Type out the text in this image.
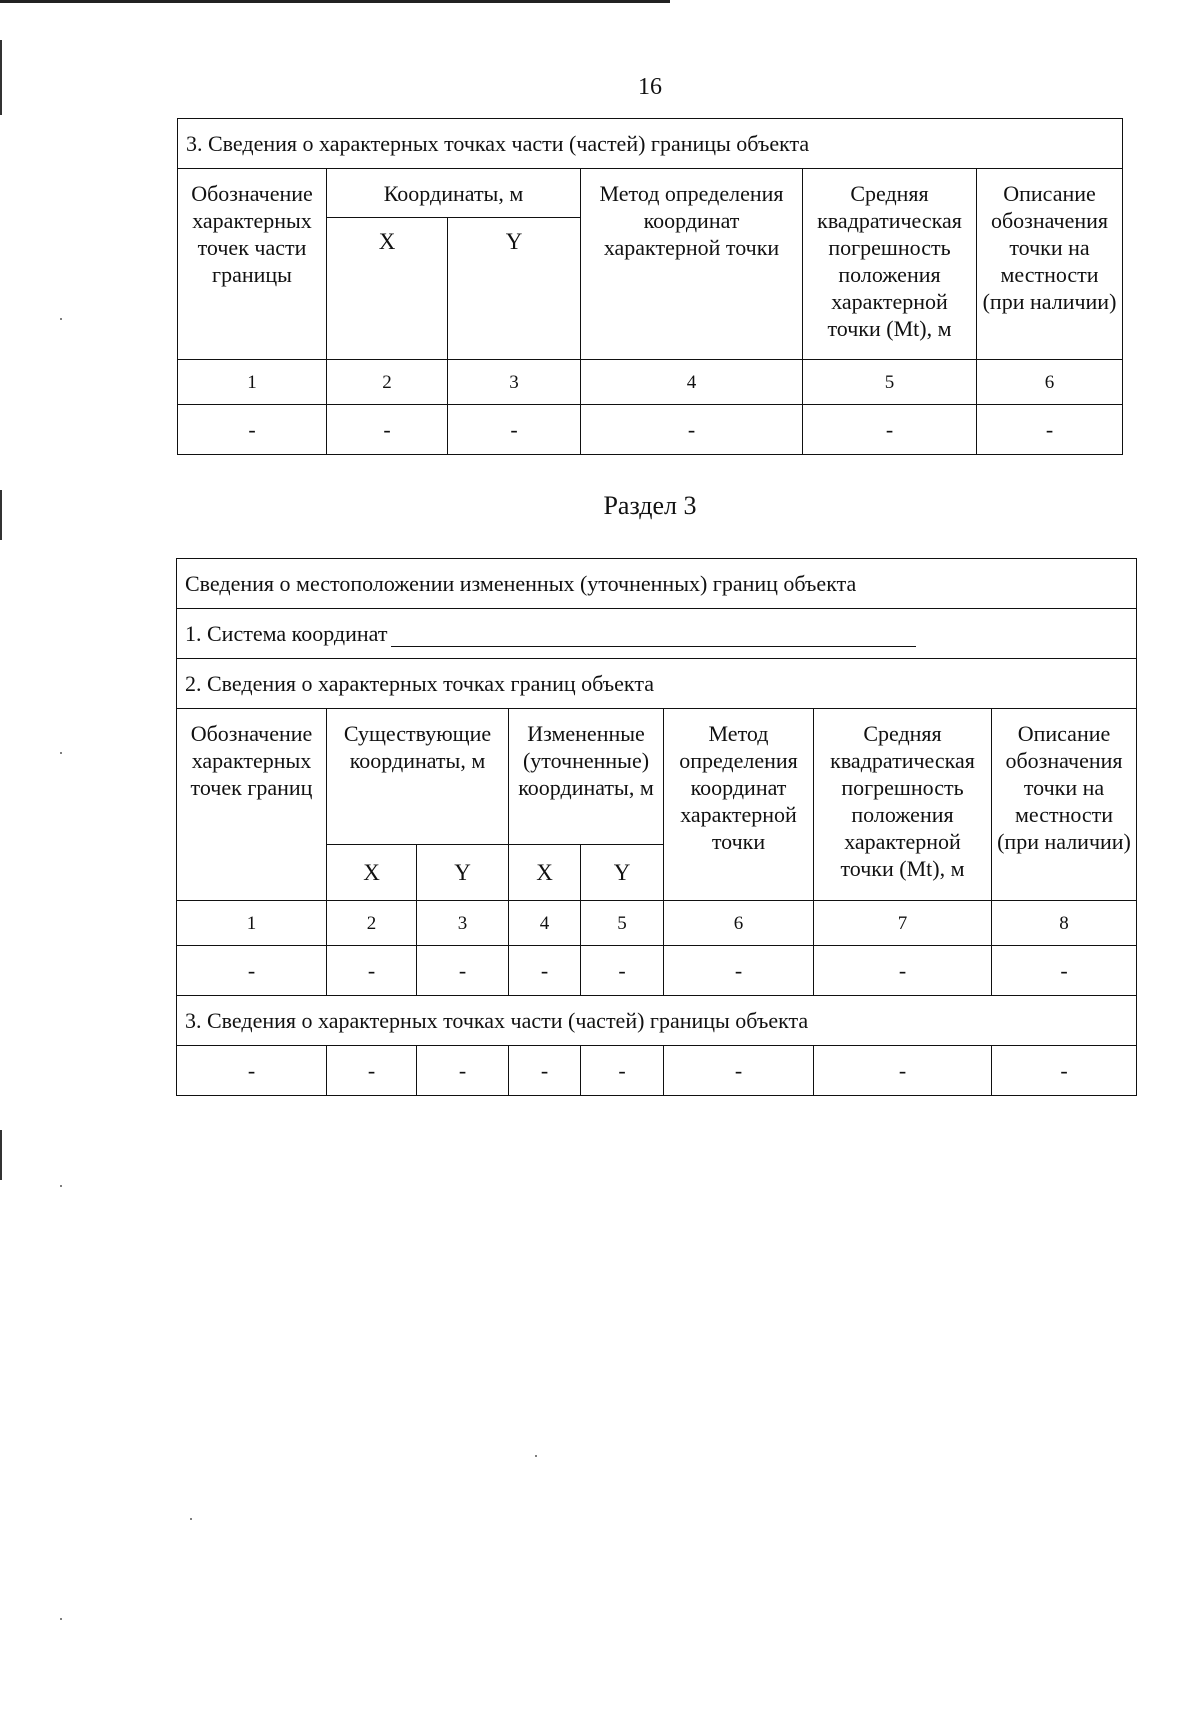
16
3. Сведения о характерных точках части (частей) границы объекта					
Обозначение характерных точек части границы	Координаты, м		Метод определения координат характерной точки	Средняя квадратическая погрешность положения характерной точки (Mt), м	Описание обозначения точки на местности (при наличии)
	X	Y			
1	2	3	4	5	6
-	-	-	-	-	-
Раздел 3
Сведения о местоположении измененных (уточненных) границ объекта							
1. Система координат							
2. Сведения о характерных точках границ объекта							
Обозначение характерных точек границ	Существующие координаты, м		Измененные (уточненные) координаты, м		Метод определения координат характерной точки	Средняя квадратическая погрешность положения характерной точки (Mt), м	Описание обозначения точки на местности (при наличии)
	X	Y	X	Y			
1	2	3	4	5	6	7	8
-	-	-	-	-	-	-	-
3. Сведения о характерных точках части (частей) границы объекта							
-	-	-	-	-	-	-	-
